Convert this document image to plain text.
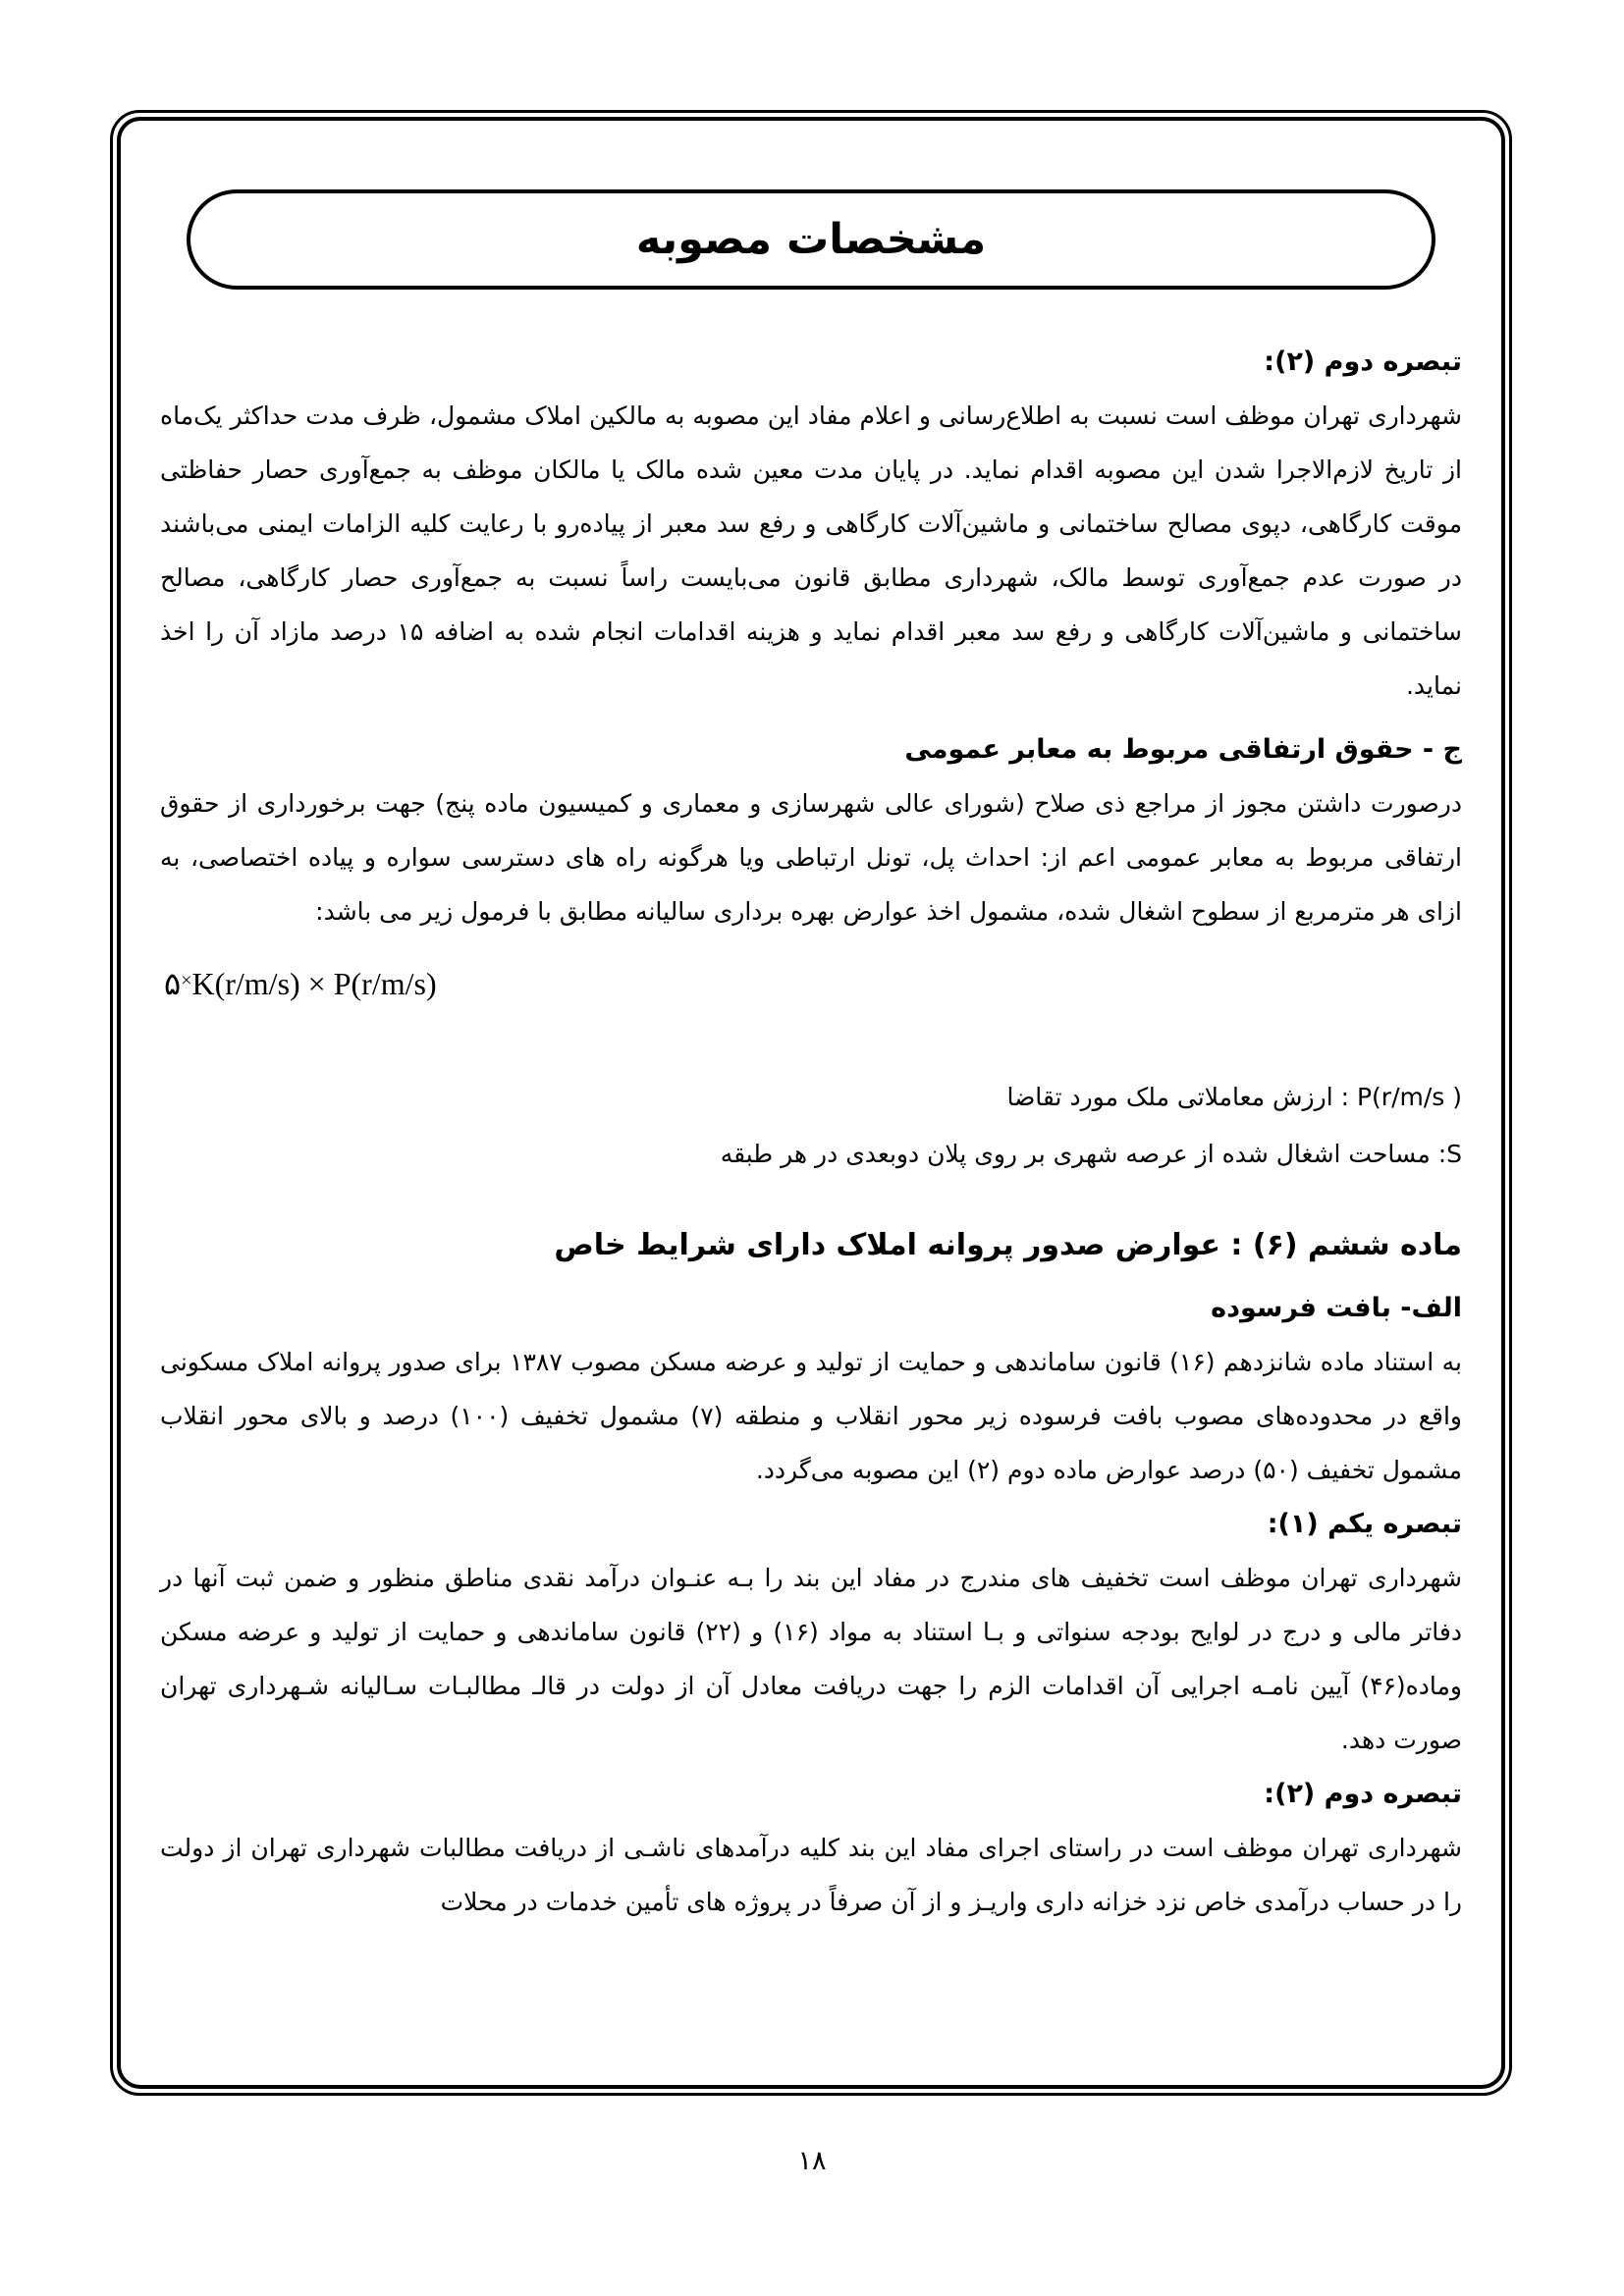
مشخصات مصوبه
تبصره دوم (۲):

شهرداری تهران موظف است نسبت به اطلاع‌رسانی و اعلام مفاد این مصوبه به مالکین املاک مشمول، ظرف مدت حداکثر یک‌ماه از تاریخ لازم‌الاجرا شدن این مصوبه اقدام نماید. در پایان مدت معین شده مالک یا مالکان موظف به جمع‌آوری حصار حفاظتی موقت کارگاهی، دپوی مصالح ساختمانی و ماشین‌آلات کارگاهی و رفع سد معبر از پیاده‌رو با رعایت کلیه الزامات ایمنی می‌باشند در صورت عدم جمع‌آوری توسط مالک، شهرداری مطابق قانون می‌بایست راساً نسبت به جمع‌آوری حصار کارگاهی، مصالح ساختمانی و ماشین‌آلات کارگاهی و رفع سد معبر اقدام نماید و هزینه اقدامات انجام شده به اضافه ۱۵ درصد مازاد آن را اخذ نماید.

ج - حقوق ارتفاقی مربوط به معابر عمومی

درصورت داشتن مجوز از مراجع ذی صلاح (شورای عالی شهرسازی و معماری و کمیسیون ماده پنج) جهت برخورداری از حقوق ارتفاقی مربوط به معابر عمومی اعم از: احداث پل، تونل ارتباطی ویا هرگونه راه های دسترسی سواره و پیاده اختصاصی، به ازای هر مترمربع از سطوح اشغال شده، مشمول اخذ عوارض بهره برداری سالیانه مطابق با فرمول زیر می باشد:

۵×K(r/m/s) × P(r/m/s)
P(r/m/s ) : ارزش معاملاتی ملک مورد تقاضا
S: مساحت اشغال شده از عرصه شهری بر روی پلان دوبعدی در هر طبقه
ماده ششم (۶) : عوارض صدور پروانه املاک دارای شرایط خاص
الف- بافت فرسوده

به استناد ماده شانزدهم (۱۶) قانون ساماندهی و حمایت از تولید و عرضه مسکن مصوب ۱۳۸۷ برای صدور پروانه املاک مسکونی واقع در محدوده‌های مصوب بافت فرسوده زیر محور انقلاب و منطقه (۷) مشمول تخفیف (۱۰۰) درصد و بالای محور انقلاب مشمول تخفیف (۵۰) درصد عوارض ماده دوم (۲) این مصوبه می‌گردد.

تبصره یکم (۱):

شهرداری تهران موظف است تخفیف های مندرج در مفاد این بند را بـه عنـوان درآمد نقدی مناطق منظور و ضمن ثبت آنها در دفاتر مالی و درج در لوایح بودجه سنواتی و بـا استناد به مواد (۱۶) و (۲۲) قانون ساماندهی و حمایت از تولید و عرضه مسکن وماده(۴۶) آیین نامـه اجرایی آن اقدامات الزم را جهت دریافت معادل آن از دولت در قالـ مطالبـات سـالیانه شـهرداری تهران صورت دهد.

تبصره دوم (۲):

شهرداری تهران موظف است در راستای اجرای مفاد این بند کلیه درآمدهای ناشـی از دریافت مطالبات شهرداری تهران از دولت را در حساب درآمدی خاص نزد خزانه داری واریـز و از آن صرفاً در پروژه های تأمین خدمات در محلات

۱۸
